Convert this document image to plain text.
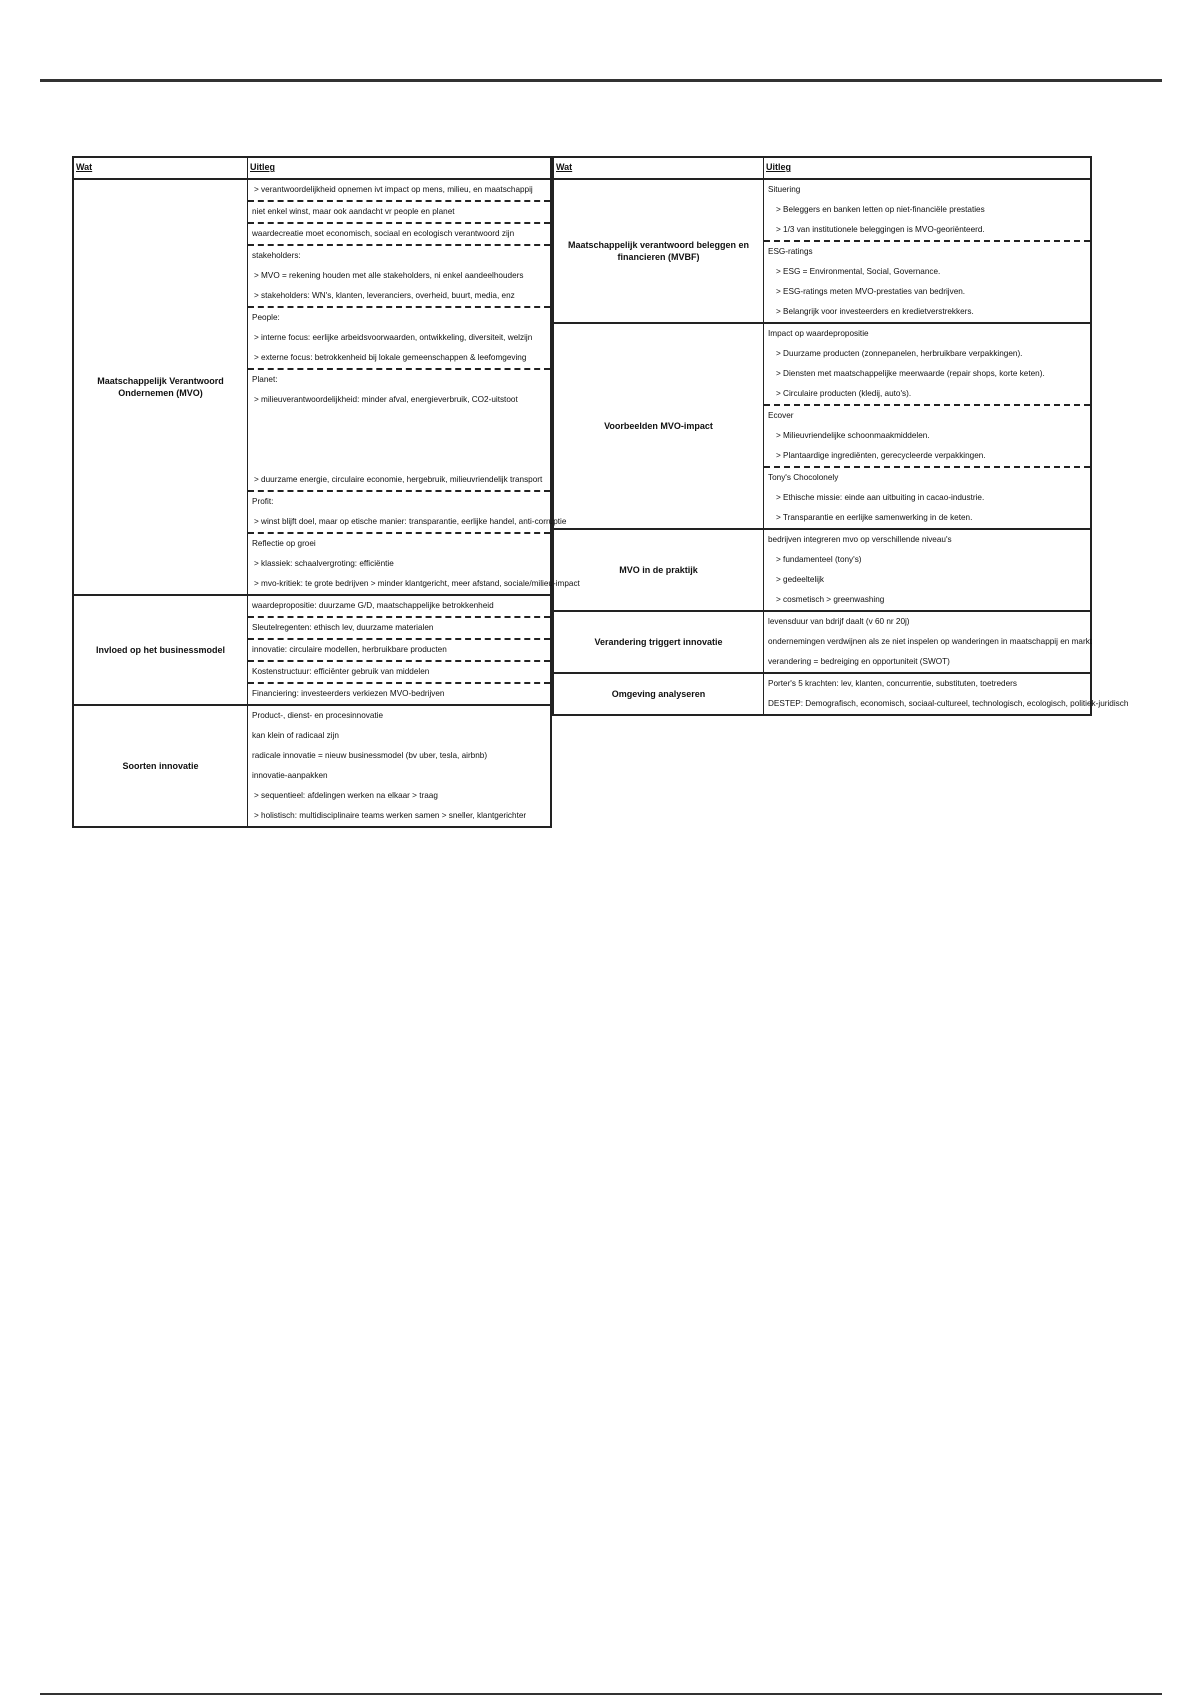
Wat	Uitleg
Maatschappelijk Verantwoord Ondernemen (MVO)
> verantwoordelijkheid opnemen ivt impact op mens, milieu, en maatschappij
niet enkel winst, maar ook aandacht vr people en planet
waardecreatie moet economisch, sociaal en ecologisch verantwoord zijn
stakeholders:
> MVO = rekening houden met alle stakeholders, ni enkel aandeelhouders
> stakeholders: WN's, klanten, leveranciers, overheid, buurt, media, enz
People:
> interne focus: eerlijke arbeidsvoorwaarden, ontwikkeling, diversiteit, welzijn
> externe focus: betrokkenheid bij lokale gemeenschappen & leefomgeving
Planet:
> milieuverantwoordelijkheid: minder afval, energieverbruik, CO2-uitstoot

> duurzame energie, circulaire economie, hergebruik, milieuvriendelijk transport
Profit:
> winst blijft doel, maar op etische manier: transparantie, eerlijke handel, anti-corruptie
Reflectie op groei
> klassiek: schaalvergroting: efficiëntie
> mvo-kritiek: te grote bedrijven > minder klantgericht, meer afstand, sociale/milieu-impact
Invloed op het businessmodel
waardepropositie: duurzame G/D, maatschappelijke betrokkenheid
Sleutelregenten: ethisch lev, duurzame materialen
innovatie: circulaire modellen, herbruikbare producten
Kostenstructuur: efficiënter gebruik van middelen
Financiering: investeerders verkiezen MVO-bedrijven
Soorten innovatie
Product-, dienst- en procesinnovatie
kan klein of radicaal zijn
radicale innovatie = nieuw businessmodel (bv uber, tesla, airbnb)
innovatie-aanpakken
> sequentieel: afdelingen werken na elkaar > traag
> holistisch: multidisciplinaire teams werken samen > sneller, klantgerichter
Wat	Uitleg
Maatschappelijk verantwoord beleggen en financieren (MVBF)
Situering
> Beleggers en banken letten op niet-financiële prestaties
> 1/3 van institutionele beleggingen is MVO-georiënteerd.
ESG-ratings
> ESG = Environmental, Social, Governance.
> ESG-ratings meten MVO-prestaties van bedrijven.
> Belangrijk voor investeerders en kredietverstrekkers.
Voorbeelden MVO-impact
Impact op waardepropositie
> Duurzame producten (zonnepanelen, herbruikbare verpakkingen).
> Diensten met maatschappelijke meerwaarde (repair shops, korte keten).
> Circulaire producten (kledij, auto's).
Ecover
> Milieuvriendelijke schoonmaakmiddelen.
> Plantaardige ingrediënten, gerecycleerde verpakkingen.
Tony's Chocolonely
> Ethische missie: einde aan uitbuiting in cacao-industrie.
> Transparantie en eerlijke samenwerking in de keten.
MVO in de praktijk
bedrijven integreren mvo op verschillende niveau's
> fundamenteel (tony's)
> gedeeltelijk
> cosmetisch > greenwashing
Verandering triggert innovatie
levensduur van bdrijf daalt (v 60 nr 20j)
ondernemingen verdwijnen als ze niet inspelen op wanderingen in maatschappij en markt
verandering = bedreiging en opportuniteit (SWOT)
Omgeving analyseren
Porter's 5 krachten: lev, klanten, concurrentie, substituten, toetreders
DESTEP: Demografisch, economisch, sociaal-cultureel, technologisch, ecologisch, politiek-juridisch
